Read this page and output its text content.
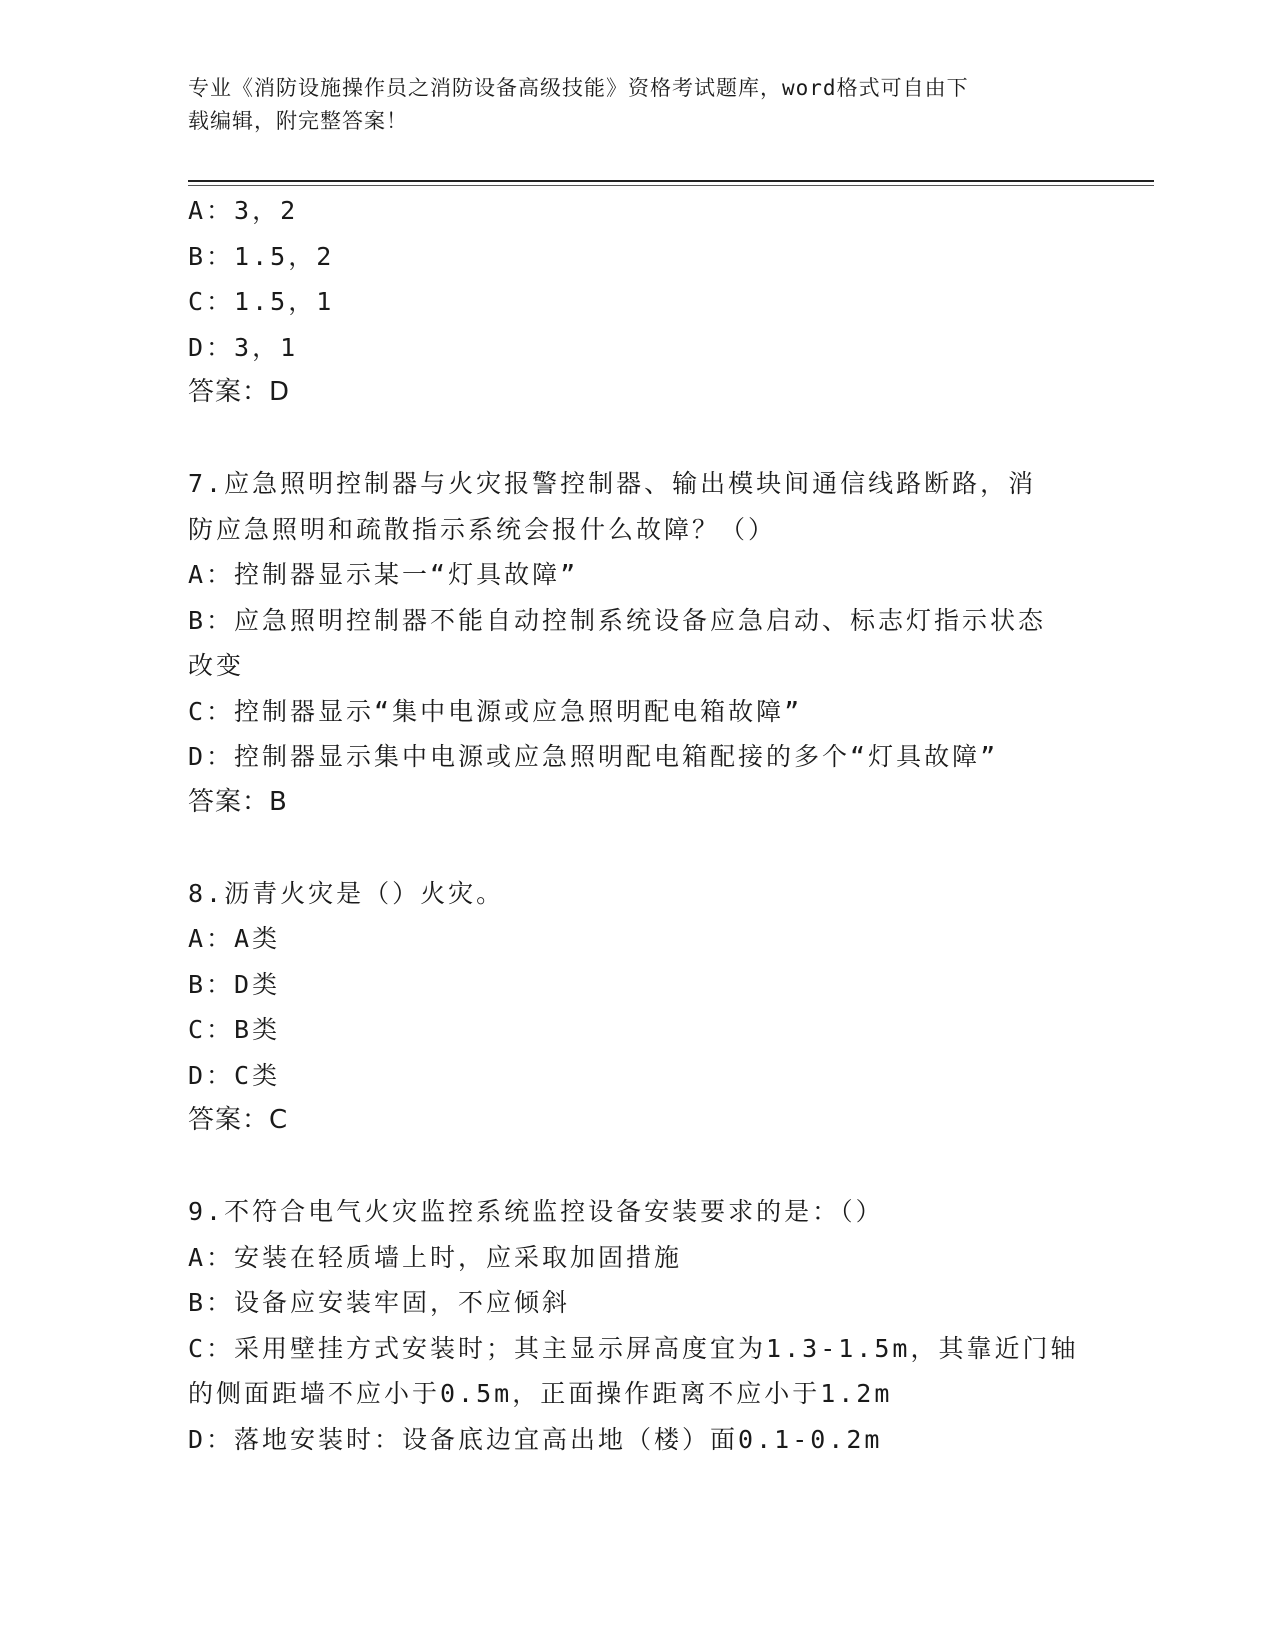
专业《消防设施操作员之消防设备高级技能》资格考试题库，word格式可自由下
载编辑，附完整答案！
A：3，2
B：1.5，2
C：1.5，1
D：3，1
答案：D
7.应急照明控制器与火灾报警控制器、输出模块间通信线路断路，消
防应急照明和疏散指示系统会报什么故障？（）
A：控制器显示某一“灯具故障”
B：应急照明控制器不能自动控制系统设备应急启动、标志灯指示状态
改变
C：控制器显示“集中电源或应急照明配电箱故障”
D：控制器显示集中电源或应急照明配电箱配接的多个“灯具故障”
答案：B
8.沥青火灾是（）火灾。
A：A类
B：D类
C：B类
D：C类
答案：C
9.不符合电气火灾监控系统监控设备安装要求的是：（）
A：安装在轻质墙上时，应采取加固措施
B：设备应安装牢固，不应倾斜
C：采用壁挂方式安装时；其主显示屏高度宜为1.3-1.5m，其靠近门轴
的侧面距墙不应小于0.5m，正面操作距离不应小于1.2m
D：落地安装时：设备底边宜高出地（楼）面0.1-0.2m
